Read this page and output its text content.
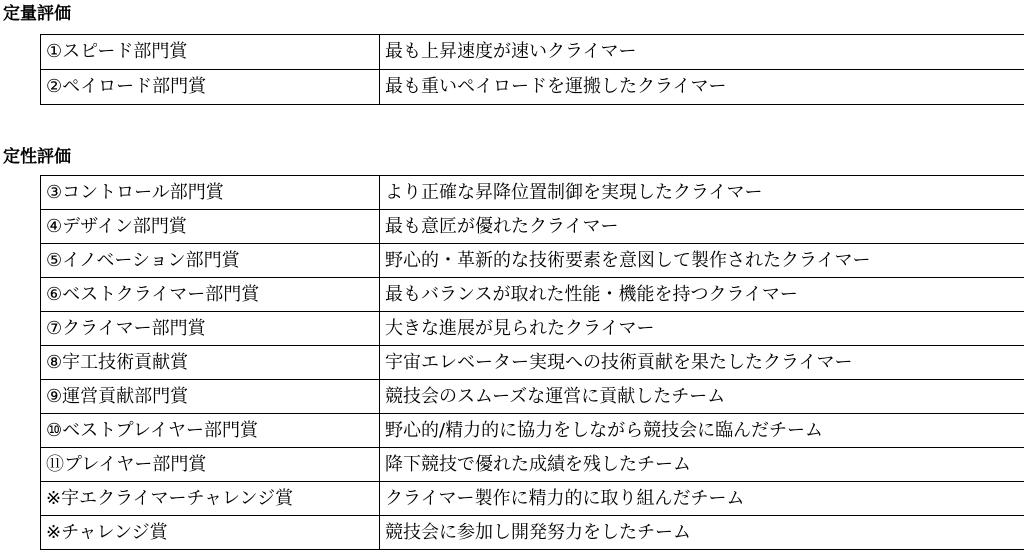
定量評価
①スピード部門賞	最も上昇速度が速いクライマー
②ペイロード部門賞	最も重いペイロードを運搬したクライマー
定性評価
③コントロール部門賞	より正確な昇降位置制御を実現したクライマー
④デザイン部門賞	最も意匠が優れたクライマー
⑤イノベーション部門賞	野心的・革新的な技術要素を意図して製作されたクライマー
⑥ベストクライマー部門賞	最もバランスが取れた性能・機能を持つクライマー
⑦クライマー部門賞	大きな進展が見られたクライマー
⑧宇工技術貢献賞	宇宙エレベーター実現への技術貢献を果たしたクライマー
⑨運営貢献部門賞	競技会のスムーズな運営に貢献したチーム
⑩ベストプレイヤー部門賞	野心的/精力的に協力をしながら競技会に臨んだチーム
⑪プレイヤー部門賞	降下競技で優れた成績を残したチーム
※宇エクライマーチャレンジ賞	クライマー製作に精力的に取り組んだチーム
※チャレンジ賞	競技会に参加し開発努力をしたチーム
